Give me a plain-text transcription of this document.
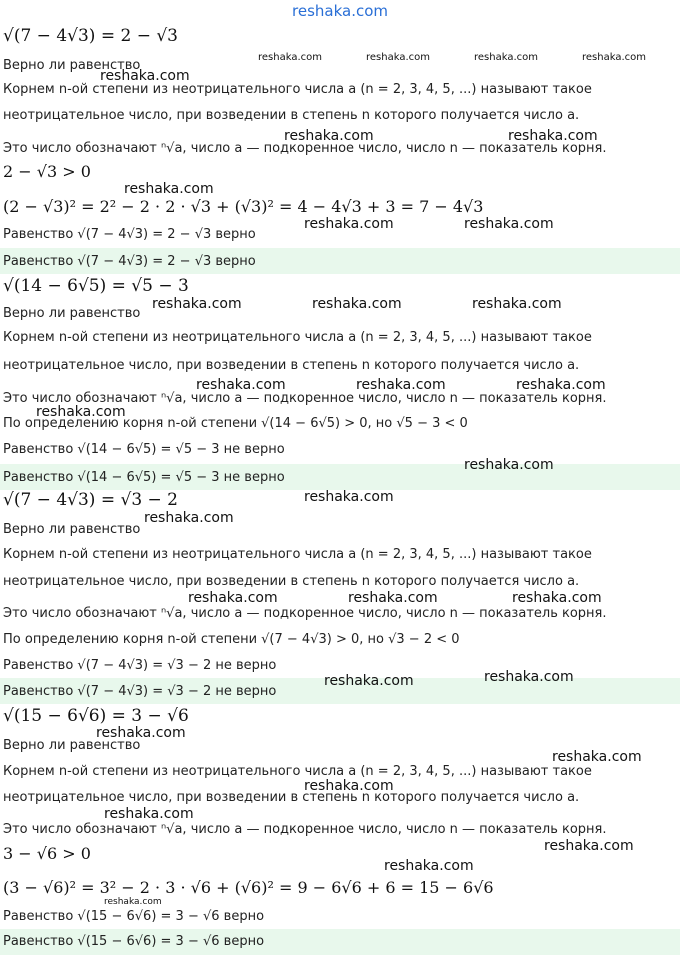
reshaka.com
√(7 − 4√3) = 2 − √3
Верно ли равенство
Корнем n-ой степени из неотрицательного числа a (n = 2, 3, 4, 5, ...) называют такое
неотрицательное число, при возведении в степень n которого получается число a.
Это число обозначают ⁿ√a, число a — подкоренное число, число n — показатель корня.
2 − √3 > 0
(2 − √3)² = 2² − 2 · 2 · √3 + (√3)² = 4 − 4√3 + 3 = 7 − 4√3
Равенство √(7 − 4√3) = 2 − √3 верно
Равенство √(7 − 4√3) = 2 − √3 верно
√(14 − 6√5) = √5 − 3
Верно ли равенство
Корнем n-ой степени из неотрицательного числа a (n = 2, 3, 4, 5, ...) называют такое
неотрицательное число, при возведении в степень n которого получается число a.
Это число обозначают ⁿ√a, число a — подкоренное число, число n — показатель корня.
По определению корня n-ой степени √(14 − 6√5) > 0, но √5 − 3 < 0
Равенство √(14 − 6√5) = √5 − 3 не верно
Равенство √(14 − 6√5) = √5 − 3 не верно
√(7 − 4√3) = √3 − 2
Верно ли равенство
Корнем n-ой степени из неотрицательного числа a (n = 2, 3, 4, 5, ...) называют такое
неотрицательное число, при возведении в степень n которого получается число a.
Это число обозначают ⁿ√a, число a — подкоренное число, число n — показатель корня.
По определению корня n-ой степени √(7 − 4√3) > 0, но √3 − 2 < 0
Равенство √(7 − 4√3) = √3 − 2 не верно
Равенство √(7 − 4√3) = √3 − 2 не верно
√(15 − 6√6) = 3 − √6
Верно ли равенство
Корнем n-ой степени из неотрицательного числа a (n = 2, 3, 4, 5, ...) называют такое
неотрицательное число, при возведении в степень n которого получается число a.
Это число обозначают ⁿ√a, число a — подкоренное число, число n — показатель корня.
3 − √6 > 0
(3 − √6)² = 3² − 2 · 3 · √6 + (√6)² = 9 − 6√6 + 6 = 15 − 6√6
Равенство √(15 − 6√6) = 3 − √6 верно
Равенство √(15 − 6√6) = 3 − √6 верно
reshaka.com	reshaka.com	reshaka.com	reshaka.com
reshaka.com
reshaka.com	reshaka.com
reshaka.com
reshaka.com	reshaka.com
reshaka.com	reshaka.com	reshaka.com
reshaka.com	reshaka.com	reshaka.com
reshaka.com
reshaka.com
reshaka.com
reshaka.com
reshaka.com	reshaka.com	reshaka.com
reshaka.com	reshaka.com
reshaka.com
reshaka.com
reshaka.com
reshaka.com
reshaka.com
reshaka.com
reshaka.com
